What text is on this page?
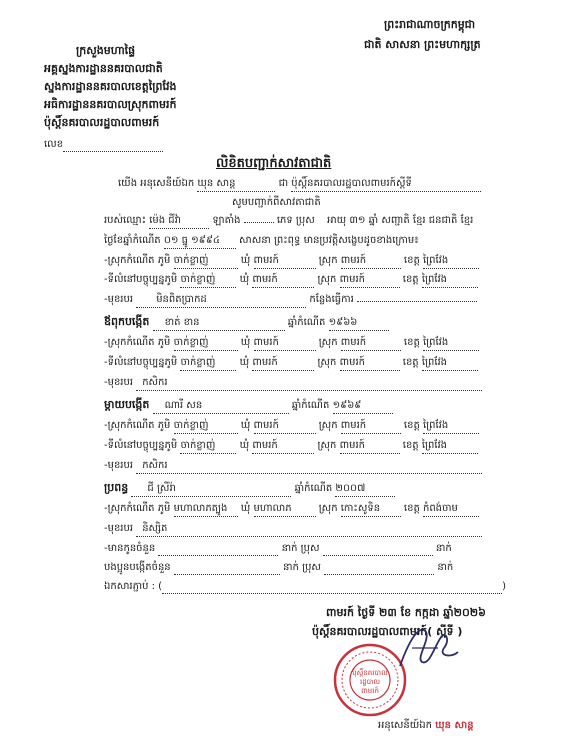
ព្រះរាជាណាចក្រកម្ពុជា
ជាតិ សាសនា ព្រះមហាក្សត្រ
ក្រសួងមហាផ្ទៃ
អគ្គស្នងការដ្ឋាននគរបាលជាតិ
ស្នងការដ្ឋាននគរបាលខេត្តព្រៃវែង
អធិការដ្ឋាននគរបាលស្រុកពាមរក៍
ប៉ុស្តិ៍នគរបាលរដ្ឋបាលពាមរក៍
លេខ
លិខិតបញ្ជាក់សាវតាជាតិ
យើង អនុសេនីយ៍ឯក ឃុន សាន្ត	ជា ប៉ុស្តិ៍នគរបាលរដ្ឋបាលពាមរក៍ស្ដីទី
សូមបញ្ជាក់ពីសាវតាជាតិ
របស់ឈ្មោះ ម៉េង ជីវ៉ា	ឡាតាំង	ភេទ ប្រុស អាយុ ៣១ ឆ្នាំ សញ្ជាតិ ខ្មែរ ជនជាតិ ខ្មែរ
ថ្ងៃខែឆ្នាំកំណើត ០១ ធ្នូ ១៩៩៤ សាសនា ព្រះពុទ្ធ មានប្រវត្តិសង្ខេបដូចខាងក្រោម៖
-ស្រុកកំណើត ភូមិ ចាក់ខ្លាញ់	ឃុំ ពាមរក៍	ស្រុក ពាមរក៍	ខេត្ត ព្រៃវែង
-ទីលំនៅបច្ចុប្បន្នភូមិ ចាក់ខ្លាញ់ ឃុំ ពាមរក៍	ស្រុក ពាមរក៍	ខេត្ត ព្រៃវែង
-មុខរបរ មិនពិតប្រាកដ	កន្លែងធ្វើការ
ឪពុកបង្កើត ខាត់ ខាន	ឆ្នាំកំណើត ១៩៦៦
-ស្រុកកំណើត ភូមិ ចាក់ខ្លាញ់	ឃុំ ពាមរក៍	ស្រុក ពាមរក៍	ខេត្ត ព្រៃវែង
-ទីលំនៅបច្ចុប្បន្នភូមិ ចាក់ខ្លាញ់ ឃុំ ពាមរក៍	ស្រុក ពាមរក៍	ខេត្ត ព្រៃវែង
-មុខរបរ កសិករ
ម្ដាយបង្កើត ណារី សន	ឆ្នាំកំណើត ១៩៦៩
-ស្រុកកំណើត ភូមិ ចាក់ខ្លាញ់	ឃុំ ពាមរក៍	ស្រុក ពាមរក៍	ខេត្ត ព្រៃវែង
-ទីលំនៅបច្ចុប្បន្នភូមិ ចាក់ខ្លាញ់ ឃុំ ពាមរក៍	ស្រុក ពាមរក៍	ខេត្ត ព្រៃវែង
-មុខរបរ កសិករ
ប្រពន្ធ ជី ស្រីរ៉ា	ឆ្នាំកំណើត ២០០៧
-ស្រុកកំណើត ភូមិ មហាលាភត្បូង ឃុំ មហាលាភ	ស្រុក កោះសូទិន ខេត្ត កំពង់ចាម
-មុខរបរ និស្សិត
-មានកូនចំនួន	នាក់ ប្រុស	នាក់
បងប្អូនបង្កើតចំនួន	នាក់ ប្រុស	នាក់
ឯកសារភ្ជាប់ : (	)
ពាមរក៍ ថ្ងៃទី ២៣ ខែ កក្កដា ឆ្នាំ២០២៦
ប៉ុស្តិ៍នគរបាលរដ្ឋបាលពាមរក៍( ស្ដីទី )
ប៉ុស្តិ៍នគរបាល
រដ្ឋបាល
ពាមរក៍
អនុសេនីយ៍ឯក ឃុន សាន្ត
